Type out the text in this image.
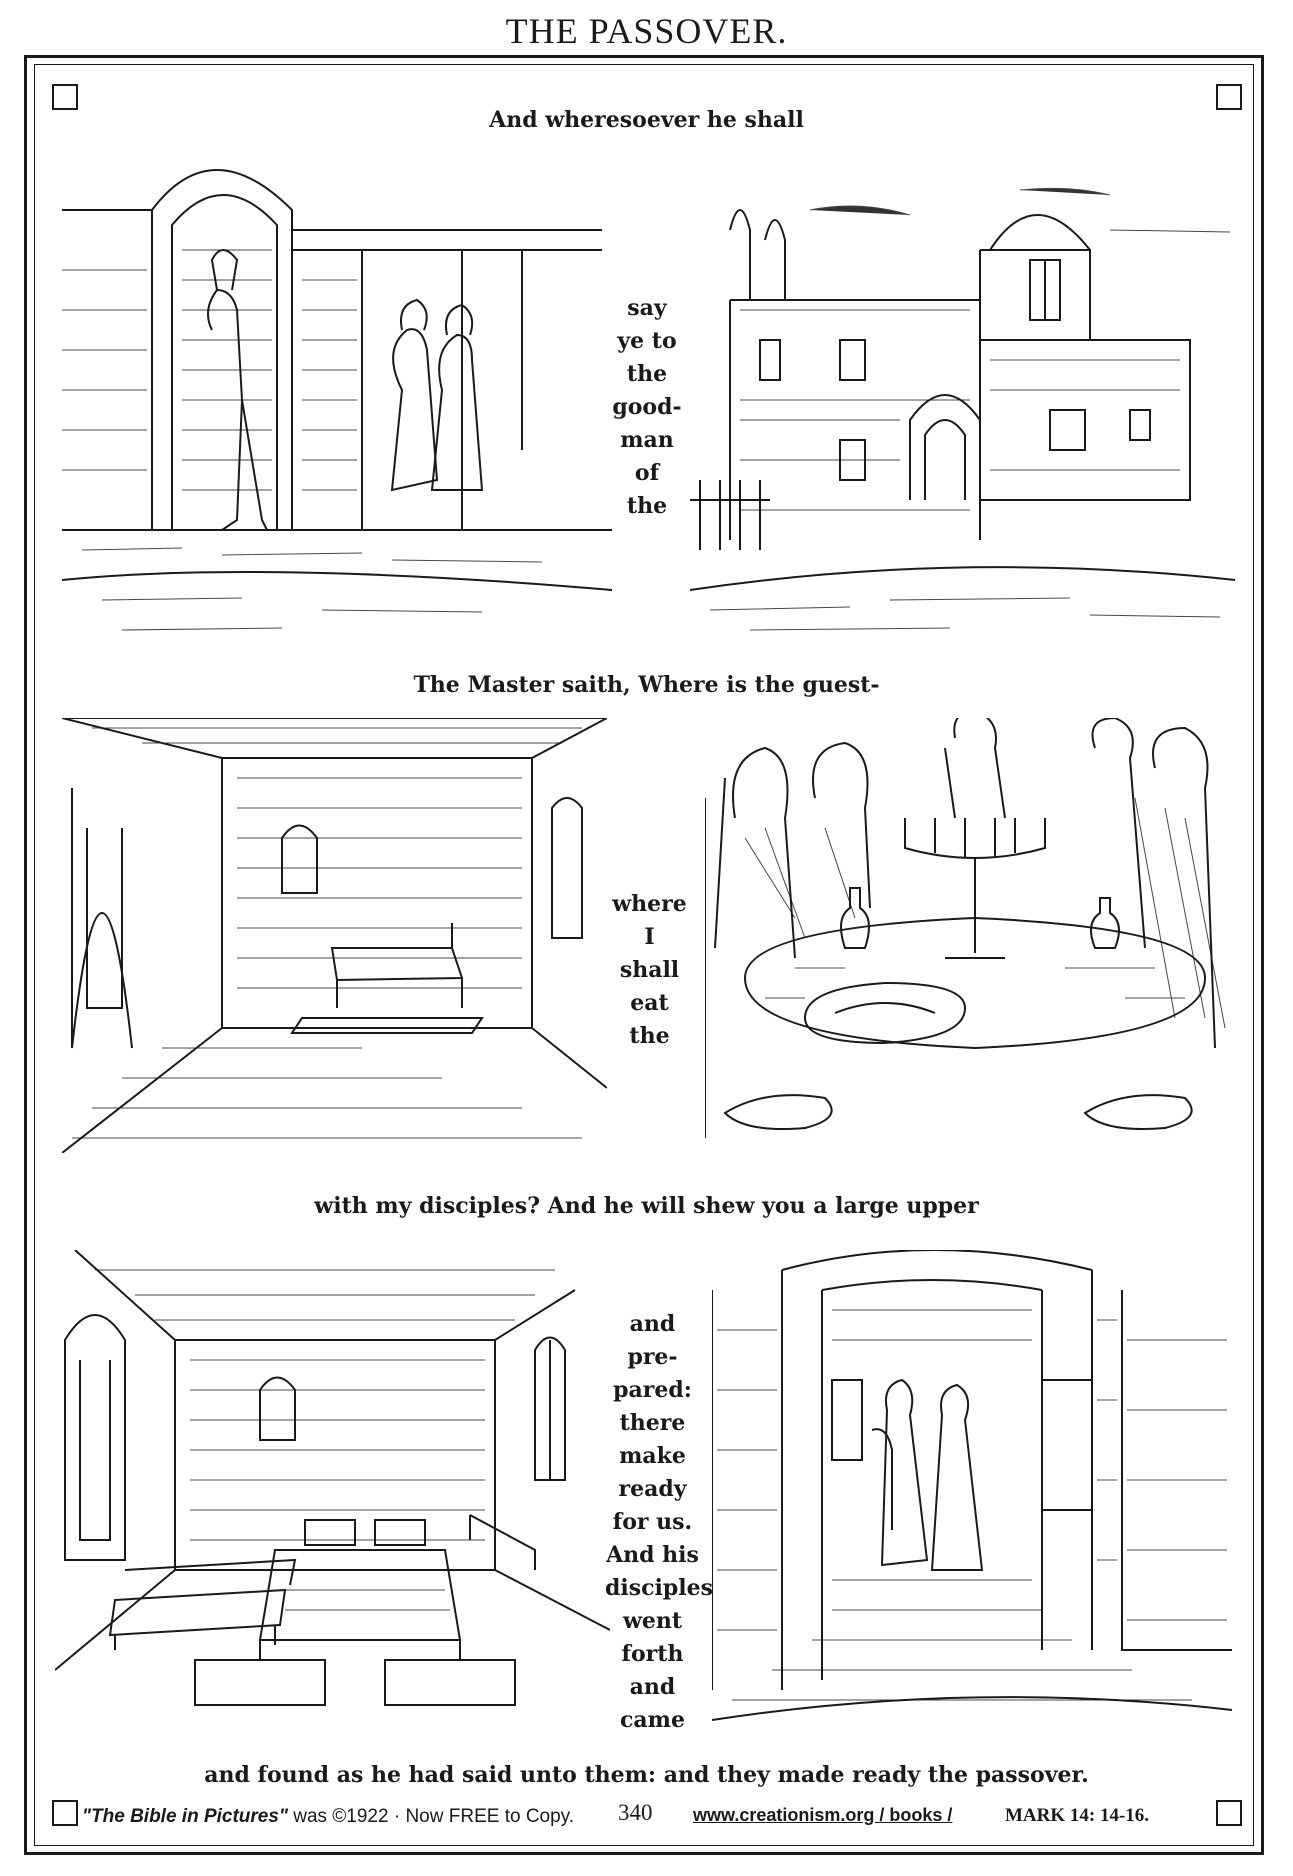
THE PASSOVER.
And wheresoever he shall
say
ye to
the
good-
man
of
the
The Master saith, Where is the guest-
where
I shall
eat the
with my disciples? And he will shew you a large upper
and pre-
pared:
there
make
ready
for us.
And his
disciples
went
forth
and
came
and found as he had said unto them: and they made ready the passover.
"The Bible in Pictures" was ©1922 · Now FREE to Copy. 340 www.creationism.org / books /	MARK 14: 14-16.
